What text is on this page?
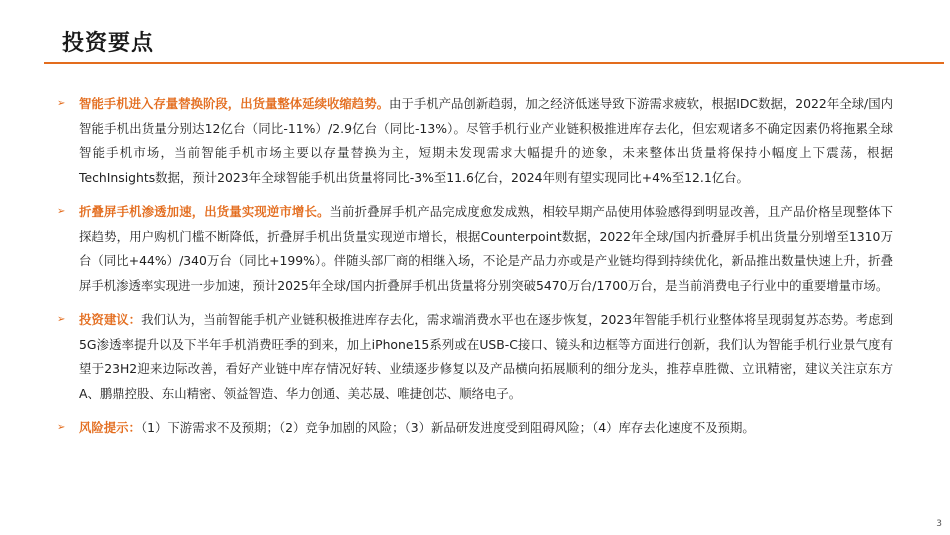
投资要点
➢	智能手机进入存量替换阶段，出货量整体延续收缩趋势。由于手机产品创新趋弱，加之经济低迷导致下游需求疲软，根据IDC数据，2022年全球/国内智能手机出货量分别达12亿台（同比-11%）/2.9亿台（同比-13%）。尽管手机行业产业链积极推进库存去化，但宏观诸多不确定因素仍将拖累全球智能手机市场，当前智能手机市场主要以存量替换为主，短期未发现需求大幅提升的迹象，未来整体出货量将保持小幅度上下震荡，根据TechInsights数据，预计2023年全球智能手机出货量将同比-3%至11.6亿台，2024年则有望实现同比+4%至12.1亿台。
➢	折叠屏手机渗透加速，出货量实现逆市增长。当前折叠屏手机产品完成度愈发成熟，相较早期产品使用体验感得到明显改善，且产品价格呈现整体下探趋势，用户购机门槛不断降低，折叠屏手机出货量实现逆市增长，根据Counterpoint数据，2022年全球/国内折叠屏手机出货量分别增至1310万台（同比+44%）/340万台（同比+199%）。伴随头部厂商的相继入场，不论是产品力亦或是产业链均得到持续优化，新品推出数量快速上升，折叠屏手机渗透率实现进一步加速，预计2025年全球/国内折叠屏手机出货量将分别突破5470万台/1700万台，是当前消费电子行业中的重要增量市场。
➢	投资建议：我们认为，当前智能手机产业链积极推进库存去化，需求端消费水平也在逐步恢复，2023年智能手机行业整体将呈现弱复苏态势。考虑到5G渗透率提升以及下半年手机消费旺季的到来，加上iPhone15系列或在USB-C接口、镜头和边框等方面进行创新，我们认为智能手机行业景气度有望于23H2迎来边际改善，看好产业链中库存情况好转、业绩逐步修复以及产品横向拓展顺利的细分龙头，推荐卓胜微、立讯精密，建议关注京东方A、鹏鼎控股、东山精密、领益智造、华力创通、美芯晟、唯捷创芯、顺络电子。
➢	风险提示：（1）下游需求不及预期；（2）竞争加剧的风险；（3）新品研发进度受到阻碍风险；（4）库存去化速度不及预期。
3
